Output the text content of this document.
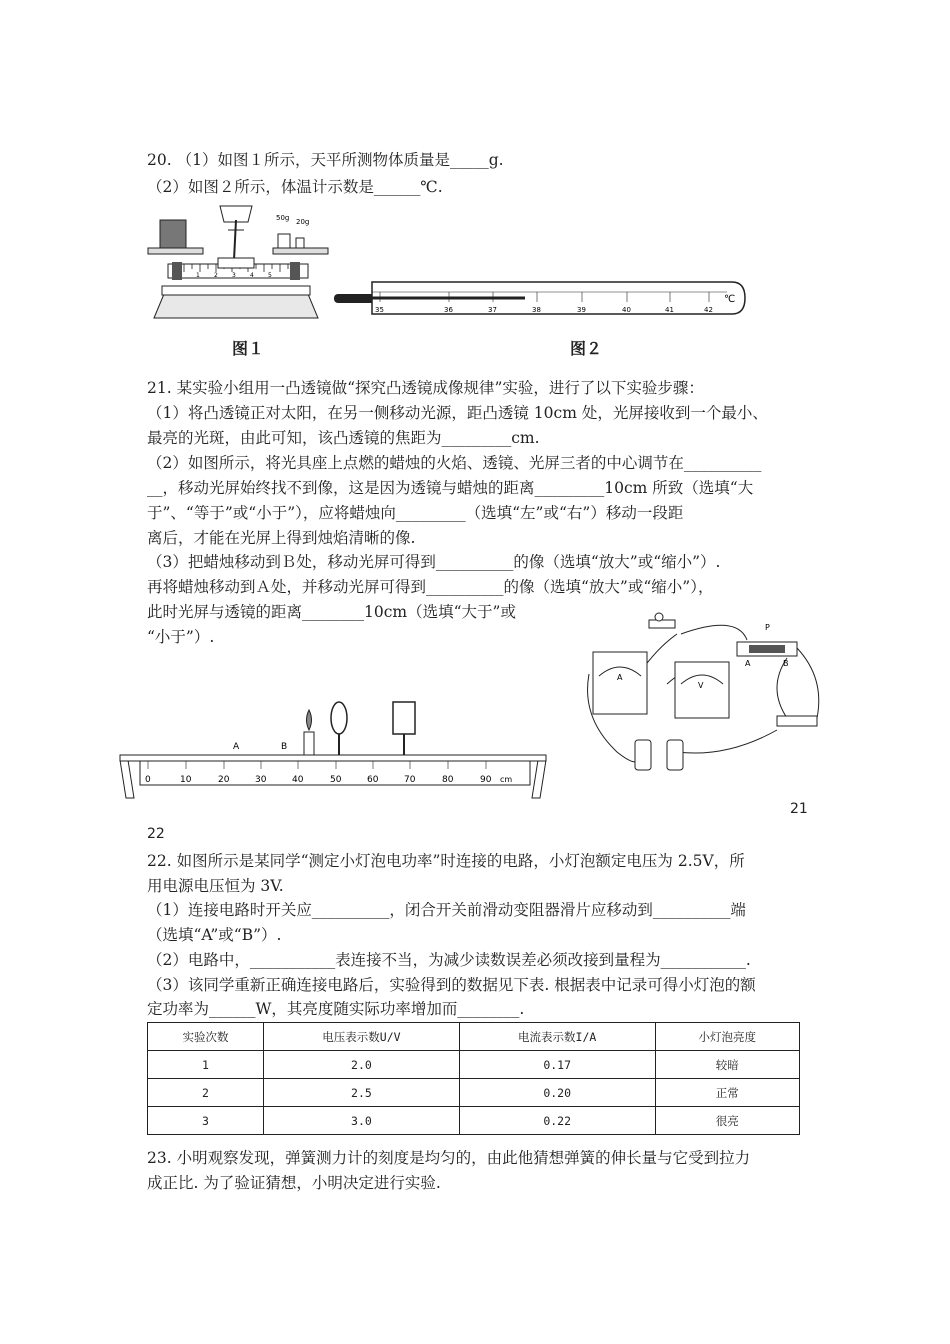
20. （1）如图１所示，天平所测物体质量是_____g.
（2）如图２所示，体温计示数是______℃.
50g 20g
1 2 3 4 5
35	36	37	38	39	40	41	42
℃
图１	图２
21. 某实验小组用一凸透镜做“探究凸透镜成像规律”实验，进行了以下实验步骤：
（1）将凸透镜正对太阳，在另一侧移动光源，距凸透镜 10cm 处，光屏接收到一个最小、
最亮的光斑，由此可知，该凸透镜的焦距为_________cm.
（2）如图所示，将光具座上点燃的蜡烛的火焰、透镜、光屏三者的中心调节在__________
__，移动光屏始终找不到像，这是因为透镜与蜡烛的距离_________10cm 所致（选填“大
于”、“等于”或“小于”），应将蜡烛向_________（选填“左”或“右”）移动一段距
离后，才能在光屏上得到烛焰清晰的像.
（3）把蜡烛移动到Ｂ处，移动光屏可得到__________的像（选填“放大”或“缩小”）.
再将蜡烛移动到Ａ处，并移动光屏可得到__________的像（选填“放大”或“缩小”），
此时光屏与透镜的距离________10cm（选填“大于”或
“小于”）.
0	10	20	30	40	50	60	70	80	90 cm
A	B
A
V
P
A	B
21
22
22. 如图所示是某同学“测定小灯泡电功率”时连接的电路，小灯泡额定电压为 2.5V，所
用电源电压恒为 3V.
（1）连接电路时开关应__________，闭合开关前滑动变阻器滑片应移动到__________端
（选填“A”或“B”）.
（2）电路中，___________表连接不当，为减少读数误差必须改接到量程为___________.
（3）该同学重新正确连接电路后，实验得到的数据见下表. 根据表中记录可得小灯泡的额
定功率为______W，其亮度随实际功率增加而________.
实验次数	电压表示数U/V	电流表示数I/A	小灯泡亮度
1	2.0	0.17	较暗
2	2.5	0.20	正常
3	3.0	0.22	很亮
23. 小明观察发现，弹簧测力计的刻度是均匀的，由此他猜想弹簧的伸长量与它受到拉力
成正比. 为了验证猜想，小明决定进行实验.
